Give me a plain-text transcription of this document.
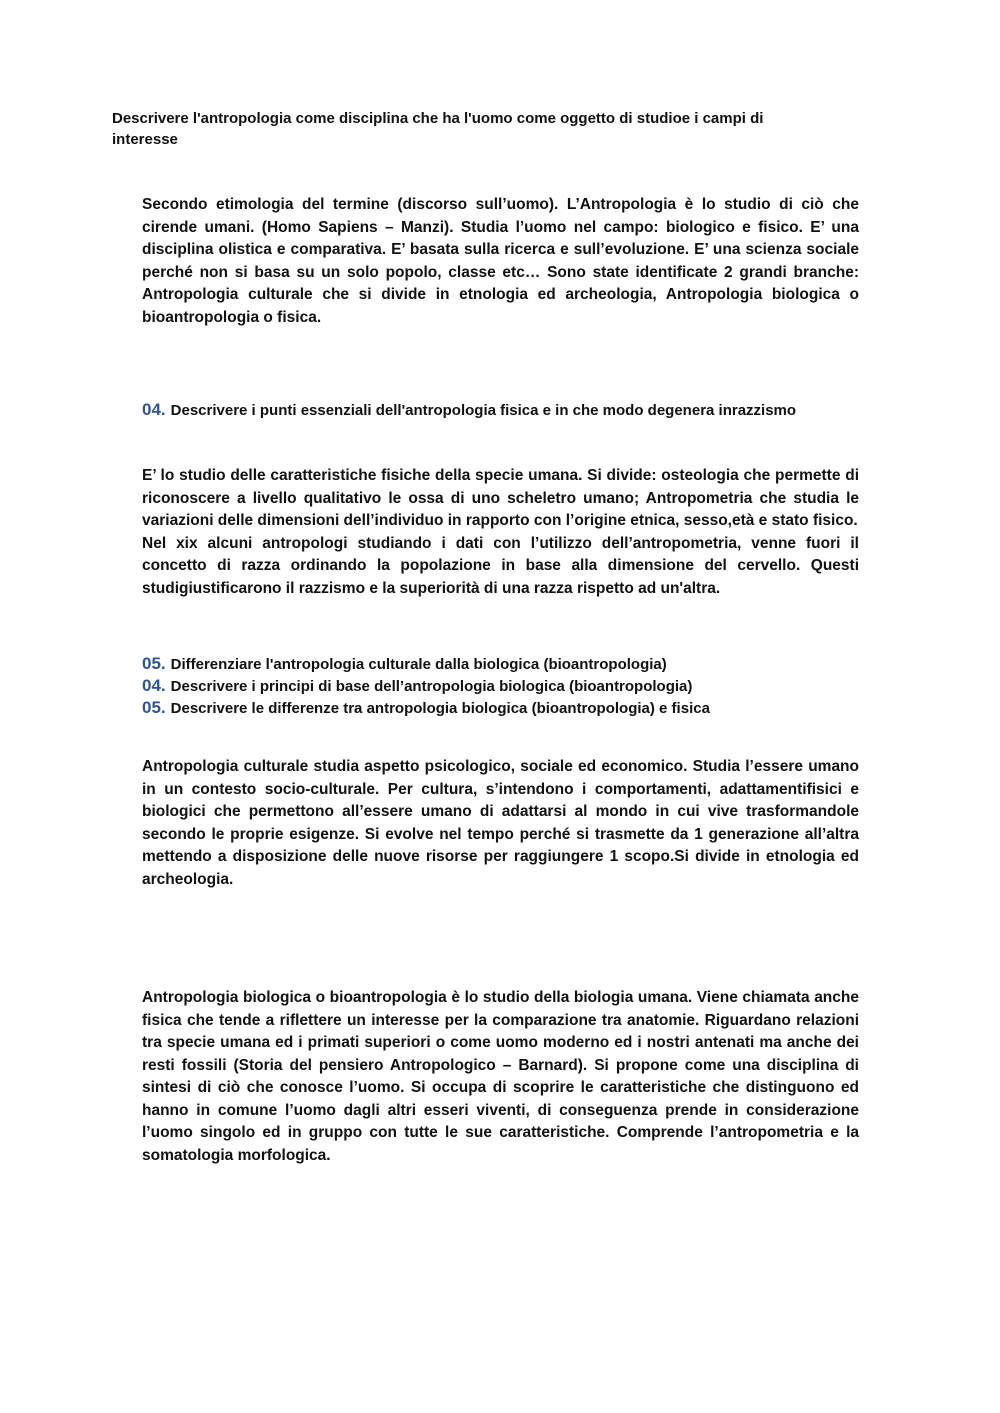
Descrivere l'antropologia come disciplina che ha l'uomo come oggetto di studioe i campi di interesse
Secondo etimologia del termine (discorso sull’uomo). L’Antropologia è lo studio di ciò che cirende umani. (Homo Sapiens – Manzi). Studia l’uomo nel campo: biologico e fisico. E’ una disciplina olistica e comparativa. E’ basata sulla ricerca e sull’evoluzione. E’ una scienza sociale perché non si basa su un solo popolo, classe etc… Sono state identificate 2 grandi branche: Antropologia culturale che si divide in etnologia ed archeologia, Antropologia biologica o bioantropologia o fisica.
04. Descrivere i punti essenziali dell'antropologia fisica e in che modo degenera inrazzismo
E’ lo studio delle caratteristiche fisiche della specie umana. Si divide: osteologia che permette di riconoscere a livello qualitativo le ossa di uno scheletro umano; Antropometria che studia le variazioni delle dimensioni dell’individuo in rapporto con l’origine etnica, sesso,età e stato fisico.
Nel xix alcuni antropologi studiando i dati con l’utilizzo dell’antropometria, venne fuori il concetto di razza ordinando la popolazione in base alla dimensione del cervello. Questi studigiustificarono il razzismo e la superiorità di una razza rispetto ad un'altra.
05. Differenziare l'antropologia culturale dalla biologica (bioantropologia)
04. Descrivere i principi di base dell’antropologia biologica (bioantropologia)
05. Descrivere le differenze tra antropologia biologica (bioantropologia) e fisica
Antropologia culturale studia aspetto psicologico, sociale ed economico. Studia l’essere umano in un contesto socio-culturale. Per cultura, s’intendono i comportamenti, adattamentifisici e biologici che permettono all’essere umano di adattarsi al mondo in cui vive trasformandole secondo le proprie esigenze. Si evolve nel tempo perché si trasmette da 1 generazione all’altra mettendo a disposizione delle nuove risorse per raggiungere 1 scopo.Si divide in etnologia ed archeologia.
Antropologia biologica o bioantropologia è lo studio della biologia umana. Viene chiamata anche fisica che tende a riflettere un interesse per la comparazione tra anatomie. Riguardano relazioni tra specie umana ed i primati superiori o come uomo moderno ed i nostri antenati ma anche dei resti fossili (Storia del pensiero Antropologico – Barnard). Si propone come una disciplina di sintesi di ciò che conosce l’uomo. Si occupa di scoprire le caratteristiche che distinguono ed hanno in comune l’uomo dagli altri esseri viventi, di conseguenza prende in considerazione l’uomo singolo ed in gruppo con tutte le sue caratteristiche. Comprende l’antropometria e la somatologia morfologica.
